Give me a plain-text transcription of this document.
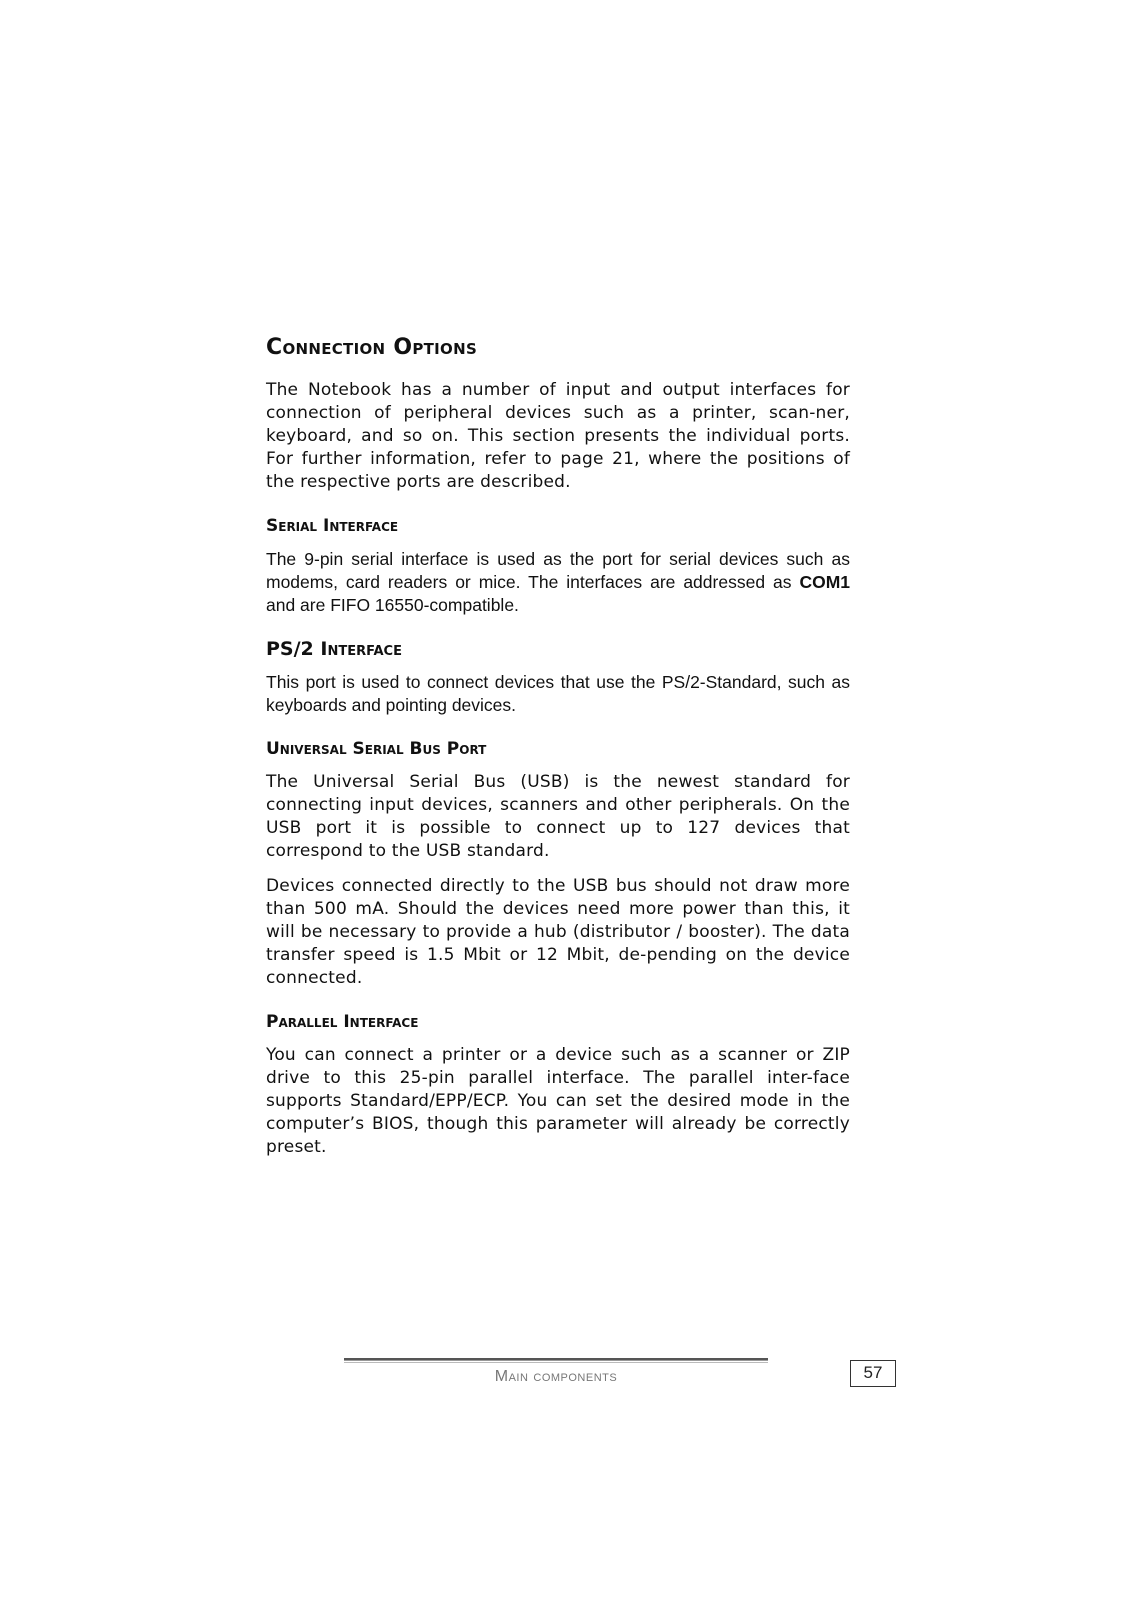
Connection Options

The Notebook has a number of input and output interfaces for connection of peripheral devices such as a printer, scan-ner, keyboard, and so on. This section presents the individual ports. For further information, refer to page 21, where the positions of the respective ports are described.

Serial Interface

The 9-pin serial interface is used as the port for serial devices such as modems, card readers or mice. The interfaces are addressed as COM1 and are FIFO 16550-compatible.

PS/2 Interface

This port is used to connect devices that use the PS/2-Standard, such as keyboards and pointing devices.

Universal Serial Bus Port

The Universal Serial Bus (USB) is the newest standard for connecting input devices, scanners and other peripherals. On the USB port it is possible to connect up to 127 devices that correspond to the USB standard.

Devices connected directly to the USB bus should not draw more than 500 mA. Should the devices need more power than this, it will be necessary to provide a hub (distributor / booster). The data transfer speed is 1.5 Mbit or 12 Mbit, de-pending on the device connected.

Parallel Interface

You can connect a printer or a device such as a scanner or ZIP drive to this 25-pin parallel interface. The parallel inter-face supports Standard/EPP/ECP. You can set the desired mode in the computer’s BIOS, though this parameter will already be correctly preset.

Main components	57
